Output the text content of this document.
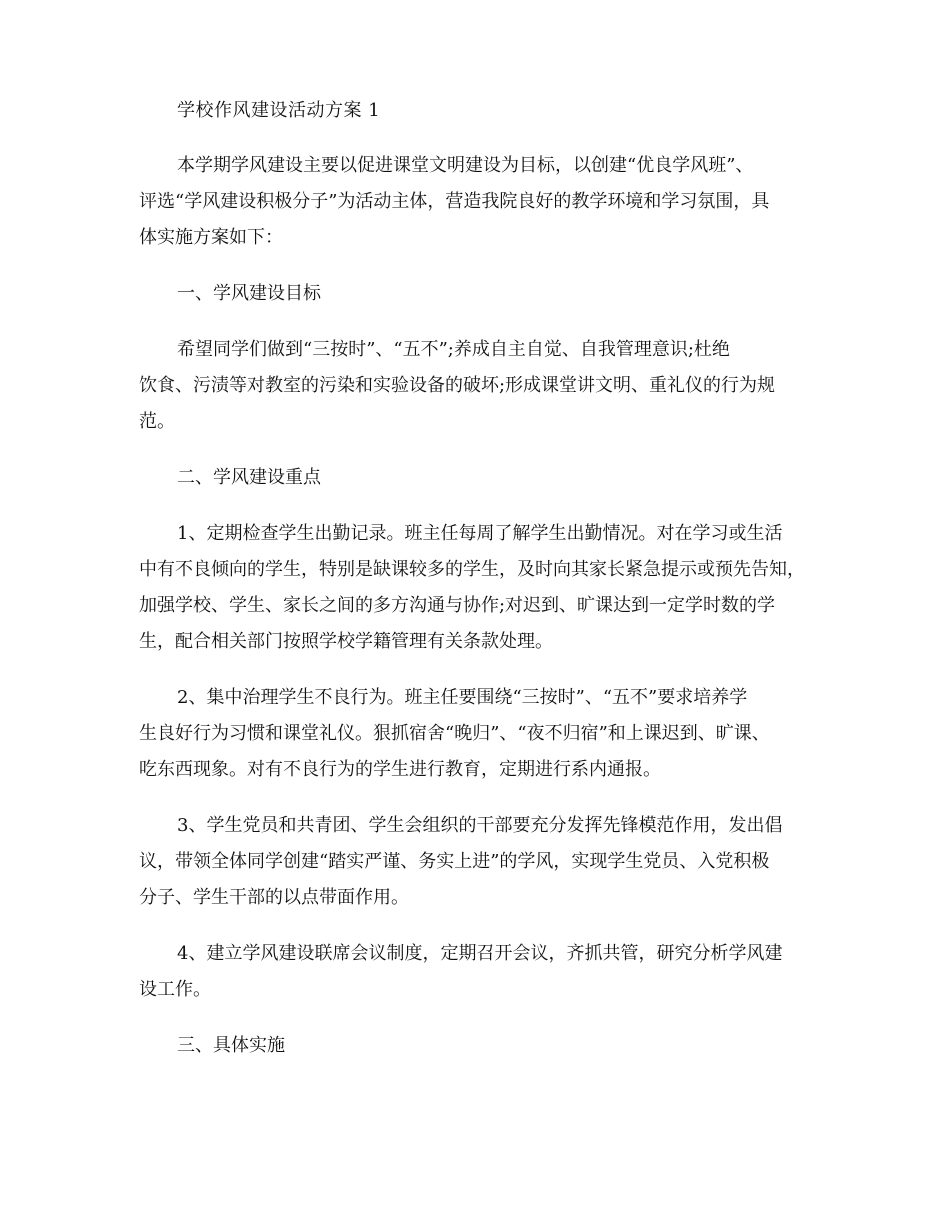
学校作风建设活动方案 1

本学期学风建设主要以促进课堂文明建设为目标，以创建“优良学风班”、
评选“学风建设积极分子”为活动主体，营造我院良好的教学环境和学习氛围，具
体实施方案如下：

一、学风建设目标

希望同学们做到“三按时”、“五不”;养成自主自觉、自我管理意识;杜绝
饮食、污渍等对教室的污染和实验设备的破坏;形成课堂讲文明、重礼仪的行为规
范。

二、学风建设重点

1、定期检查学生出勤记录。班主任每周了解学生出勤情况。对在学习或生活
中有不良倾向的学生，特别是缺课较多的学生，及时向其家长紧急提示或预先告知，
加强学校、学生、家长之间的多方沟通与协作;对迟到、旷课达到一定学时数的学
生，配合相关部门按照学校学籍管理有关条款处理。

2、集中治理学生不良行为。班主任要围绕“三按时”、“五不”要求培养学
生良好行为习惯和课堂礼仪。狠抓宿舍“晚归”、“夜不归宿”和上课迟到、旷课、
吃东西现象。对有不良行为的学生进行教育，定期进行系内通报。

3、学生党员和共青团、学生会组织的干部要充分发挥先锋模范作用，发出倡
议，带领全体同学创建“踏实严谨、务实上进”的学风，实现学生党员、入党积极
分子、学生干部的以点带面作用。

4、建立学风建设联席会议制度，定期召开会议，齐抓共管，研究分析学风建
设工作。

三、具体实施
